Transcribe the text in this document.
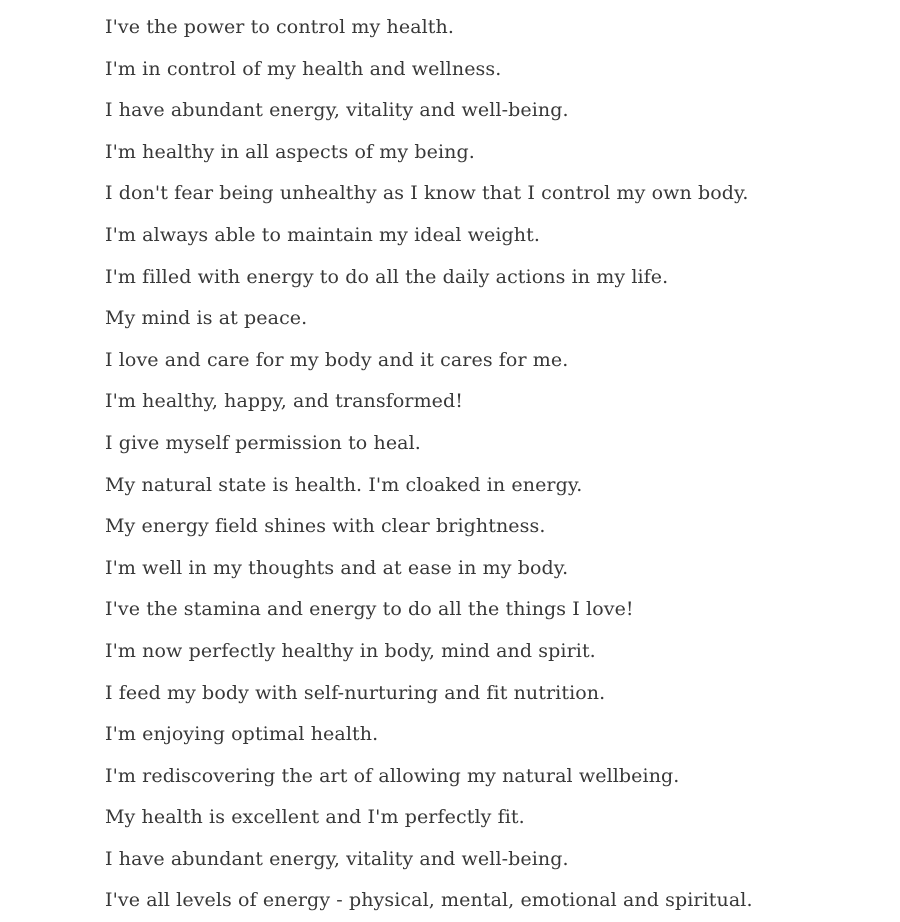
I've the power to control my health.

I'm in control of my health and wellness.

I have abundant energy, vitality and well-being.

I'm healthy in all aspects of my being.

I don't fear being unhealthy as I know that I control my own body.

I'm always able to maintain my ideal weight.

I'm filled with energy to do all the daily actions in my life.

My mind is at peace.

I love and care for my body and it cares for me.

I'm healthy, happy, and transformed!

I give myself permission to heal.

My natural state is health. I'm cloaked in energy.

My energy field shines with clear brightness.

I'm well in my thoughts and at ease in my body.

I've the stamina and energy to do all the things I love!

I'm now perfectly healthy in body, mind and spirit.

I feed my body with self-nurturing and fit nutrition.

I'm enjoying optimal health.

I'm rediscovering the art of allowing my natural wellbeing.

My health is excellent and I'm perfectly fit.

I have abundant energy, vitality and well-being.

I've all levels of energy - physical, mental, emotional and spiritual.
